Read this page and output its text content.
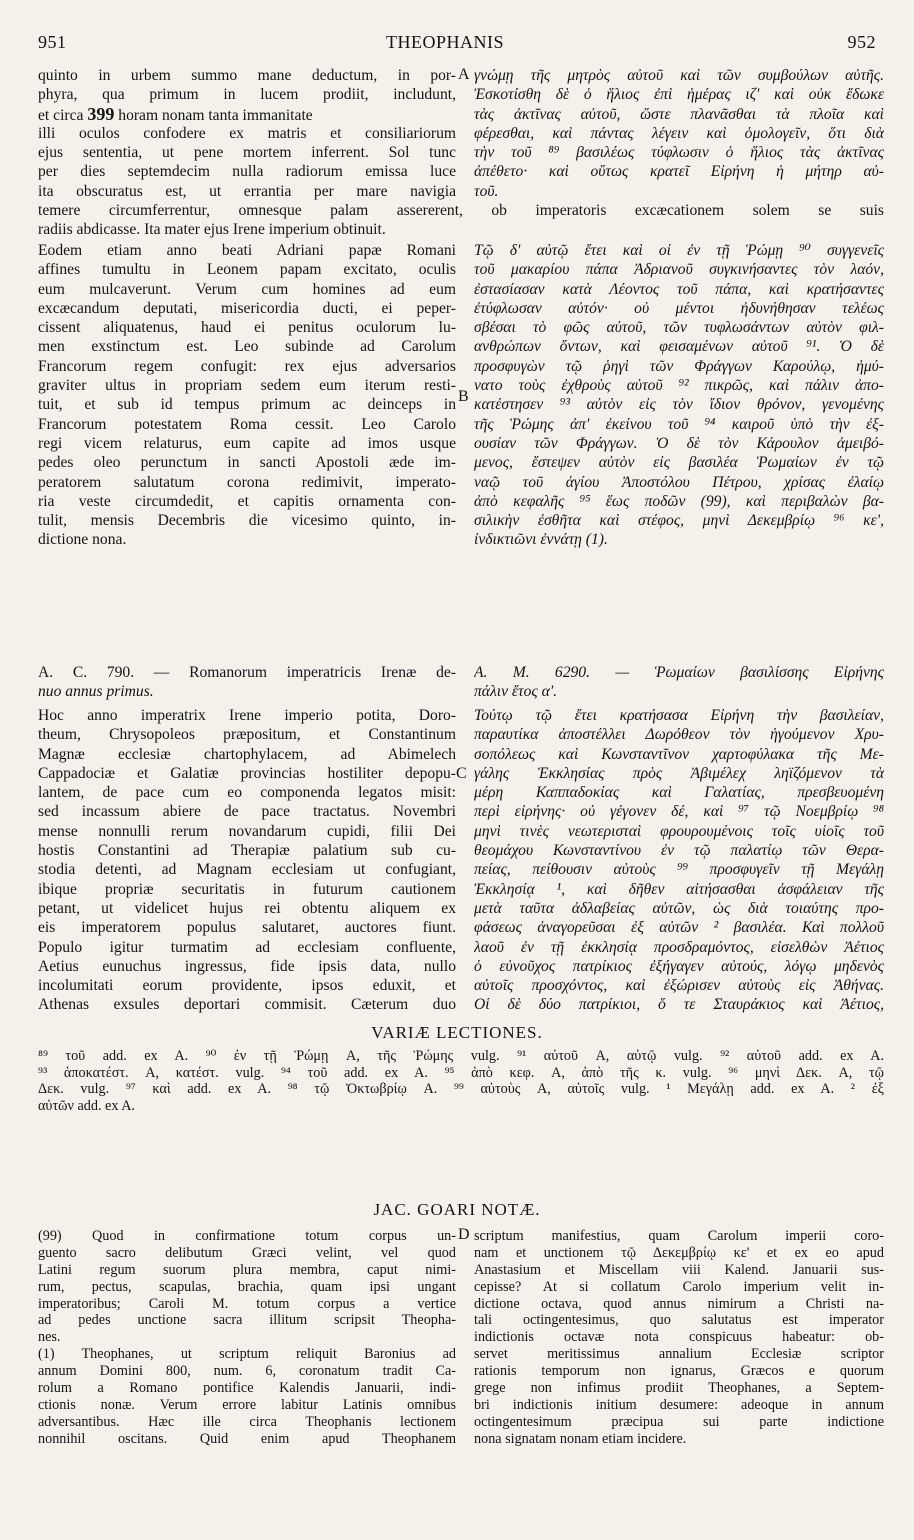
951	THEOPHANIS	952
quinto in urbem summo mane deductum, in por-
phyra, qua primum in lucem prodiit, includunt,
et circa 399 horam nonam tanta immanitate
illi oculos confodere ex matris et consiliariorum
ejus sententia, ut pene mortem inferrent. Sol tunc
per dies septemdecim nulla radiorum emissa luce
ita obscuratus est, ut errantia per mare navigia
A γνώμῃ τῆς μητρὸς αὐτοῦ καὶ τῶν συμβούλων αὐτῆς.
Ἐσκοτίσθη δὲ ὁ ἥλιος ἐπὶ ἡμέρας ιζ' καὶ οὐκ ἔδωκε
τὰς ἀκτῖνας αὐτοῦ, ὥστε πλανᾶσθαι τὰ πλοῖα καὶ
φέρεσθαι, καὶ πάντας λέγειν καὶ ὁμολογεῖν, ὅτι διὰ
τὴν τοῦ ⁸⁹ βασιλέως τύφλωσιν ὁ ἥλιος τὰς ἀκτῖνας
ἀπέθετο· καὶ οὕτως κρατεῖ Εἰρήνη ἡ μήτηρ αὐ-
τοῦ.
temere circumferrentur, omnesque palam assererent, ob imperatoris excæcationem solem se suis
radiis abdicasse. Ita mater ejus Irene imperium obtinuit.
Eodem etiam anno beati Adriani papæ Romani
affines tumultu in Leonem papam excitato, oculis
eum mulcaverunt. Verum cum homines ad eum
excæcandum deputati, misericordia ducti, ei peper-
cissent aliquatenus, haud ei penitus oculorum lu-
men exstinctum est. Leo subinde ad Carolum
Francorum regem confugit: rex ejus adversarios
graviter ultus in propriam sedem eum iterum resti-
tuit, et sub id tempus primum ac deinceps in
Francorum potestatem Roma cessit. Leo Carolo
regi vicem relaturus, eum capite ad imos usque
pedes oleo perunctum in sancti Apostoli æde im-
peratorem salutatum corona redimivit, imperato-
ria veste circumdedit, et capitis ornamenta con-
tulit, mensis Decembris die vicesimo quinto, in-
dictione nona.
B
Τῷ δ' αὐτῷ ἔτει καὶ οἱ ἐν τῇ Ῥώμῃ ⁹⁰ συγγενεῖς
τοῦ μακαρίου πάπα Ἀδριανοῦ συγκινήσαντες τὸν λαόν,
ἐστασίασαν κατὰ Λέοντος τοῦ πάπα, καὶ κρατήσαντες
ἐτύφλωσαν αὐτόν· οὐ μέντοι ἠδυνήθησαν τελέως
σβέσαι τὸ φῶς αὐτοῦ, τῶν τυφλωσάντων αὐτὸν φιλ-
ανθρώπων ὄντων, καὶ φεισαμένων αὐτοῦ ⁹¹. Ὁ δὲ
προσφυγὼν τῷ ῥηγὶ τῶν Φράγγων Καρούλῳ, ἠμύ-
νατο τοὺς ἐχθροὺς αὐτοῦ ⁹² πικρῶς, καὶ πάλιν ἀπο-
κατέστησεν ⁹³ αὐτὸν εἰς τὸν ἴδιον θρόνον, γενομένης
τῆς Ῥώμης ἀπ' ἐκείνου τοῦ ⁹⁴ καιροῦ ὑπὸ τὴν ἐξ-
ουσίαν τῶν Φράγγων. Ὁ δὲ τὸν Κάρουλον ἀμειβό-
μενος, ἔστεψεν αὐτὸν εἰς βασιλέα Ῥωμαίων ἐν τῷ
ναῷ τοῦ ἁγίου Ἀποστόλου Πέτρου, χρίσας ἐλαίῳ
ἀπὸ κεφαλῆς ⁹⁵ ἕως ποδῶν (99), καὶ περιβαλὼν βα-
σιλικὴν ἐσθῆτα καὶ στέφος, μηνὶ Δεκεμβρίῳ ⁹⁶ κε',
ἰνδικτιῶνι ἐννάτῃ (1).
A. C. 790. — Romanorum imperatricis Irenæ de-
nuo annus primus.
A. M. 6290. — Ῥωμαίων βασιλίσσης Εἰρήνης
πάλιν ἔτος α'.
Hoc anno imperatrix Irene imperio potita, Doro-
theum, Chrysopoleos præpositum, et Constantinum
Magnæ ecclesiæ chartophylacem, ad Abimelech
Cappadociæ et Galatiæ provincias hostiliter depopu-
lantem, de pace cum eo componenda legatos misit:
sed incassum abiere de pace tractatus. Novembri
mense nonnulli rerum novandarum cupidi, filii Dei
hostis Constantini ad Therapiæ palatium sub cu-
stodia detenti, ad Magnam ecclesiam ut confugiant,
ibique propriæ securitatis in futurum cautionem
petant, ut videlicet hujus rei obtentu aliquem ex
eis imperatorem populus salutaret, auctores fiunt.
Populo igitur turmatim ad ecclesiam confluente,
Aetius eunuchus ingressus, fide ipsis data, nullo
incolumitati eorum providente, ipsos eduxit, et
Athenas exsules deportari commisit. Cæterum duo
C
Τούτῳ τῷ ἔτει κρατήσασα Εἰρήνη τὴν βασιλείαν,
παραυτίκα ἀποστέλλει Δωρόθεον τὸν ἡγούμενον Χρυ-
σοπόλεως καὶ Κωνσταντῖνον χαρτοφύλακα τῆς Με-
γάλης Ἐκκλησίας πρὸς Ἀβιμέλεχ ληϊζόμενον τὰ
μέρη Καππαδοκίας καὶ Γαλατίας, πρεσβευομένη
περὶ εἰρήνης· οὐ γέγονεν δέ, καὶ ⁹⁷ τῷ Νοεμβρίῳ ⁹⁸
μηνὶ τινὲς νεωτερισταὶ φρουρουμένοις τοῖς υἱοῖς τοῦ
θεομάχου Κωνσταντίνου ἐν τῷ παλατίῳ τῶν Θερα-
πείας, πείθουσιν αὐτοὺς ⁹⁹ προσφυγεῖν τῇ Μεγάλῃ
Ἐκκλησίᾳ ¹, καὶ δῆθεν αἰτήσασθαι ἀσφάλειαν τῆς
μετὰ ταῦτα ἀδλαβείας αὐτῶν, ὡς διὰ τοιαύτης προ-
φάσεως ἀναγορεῦσαι ἐξ αὐτῶν ² βασιλέα. Καὶ πολλοῦ
λαοῦ ἐν τῇ ἐκκλησίᾳ προσδραμόντος, εἰσελθὼν Ἀέτιος
ὁ εὐνοῦχος πατρίκιος ἐξήγαγεν αὐτούς, λόγῳ μηδενὸς
αὐτοῖς προσχόντος, καὶ ἐξώρισεν αὐτοὺς εἰς Ἀθήνας.
Οἱ δὲ δύο πατρίκιοι, ὅ τε Σταυράκιος καὶ Ἀέτιος,
VARIÆ LECTIONES.
⁸⁹ τοῦ add. ex A. ⁹⁰ ἐν τῇ Ῥώμῃ A, τῆς Ῥώμης vulg. ⁹¹ αὐτοῦ A, αὐτῷ vulg. ⁹² αὐτοῦ add. ex A.
⁹³ ἀποκατέστ. A, κατέστ. vulg. ⁹⁴ τοῦ add. ex A. ⁹⁵ ἀπὸ κεφ. A, ἀπὸ τῆς κ. vulg. ⁹⁶ μηνὶ Δεκ. A, τῷ
Δεκ. vulg. ⁹⁷ καὶ add. ex A. ⁹⁸ τῷ Ὀκτωβρίῳ A. ⁹⁹ αὐτοὺς A, αὐτοῖς vulg. ¹ Μεγάλῃ add. ex A. ² ἐξ
αὐτῶν add. ex A.
JAC. GOARI NOTÆ.
(99) Quod in confirmatione totum corpus un-
guento sacro delibutum Græci velint, vel quod
Latini regum suorum plura membra, caput nimi-
rum, pectus, scapulas, brachia, quam ipsi ungant
imperatoribus; Caroli M. totum corpus a vertice
ad pedes unctione sacra illitum scripsit Theopha-
nes.
(1) Theophanes, ut scriptum reliquit Baronius ad
annum Domini 800, num. 6, coronatum tradit Ca-
rolum a Romano pontifice Kalendis Januarii, indi-
ctionis nonæ. Verum errore labitur Latinis omnibus
adversantibus. Hæc ille circa Theophanis lectionem
nonnihil oscitans. Quid enim apud Theophanem
D scriptum manifestius, quam Carolum imperii coro-
nam et unctionem τῷ Δεκεμβρίῳ κε' et ex eo apud
Anastasium et Miscellam viii Kalend. Januarii sus-
cepisse? At si collatum Carolo imperium velit in-
dictione octava, quod annus nimirum a Christi na-
tali octingentesimus, quo salutatus est imperator
indictionis octavæ nota conspicuus habeatur: ob-
servet meritissimus annalium Ecclesiæ scriptor
rationis temporum non ignarus, Græcos e quorum
grege non infimus prodiit Theophanes, a Septem-
bri indictionis initium desumere: adeoque in annum
octingentesimum præcipua sui parte indictione
nona signatam nonam etiam incidere.
